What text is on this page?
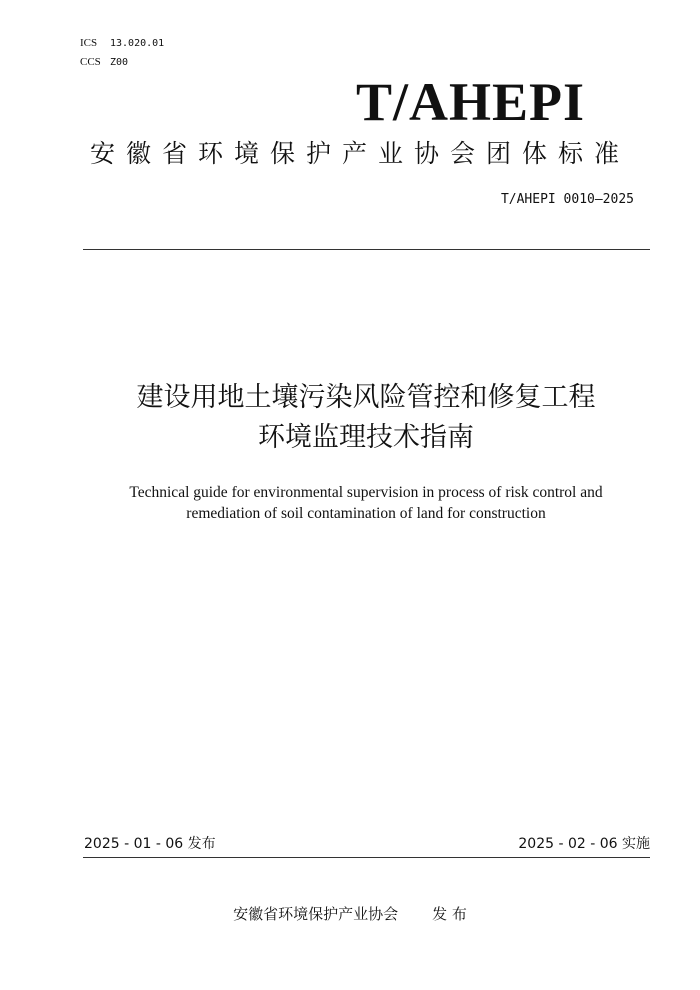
ICS 13.020.01
CCS Z00
T/AHEPI
安徽省环境保护产业协会团体标准
T/AHEPI 0010—2025
建设用地土壤污染风险管控和修复工程
环境监理技术指南
Technical guide for environmental supervision in process of risk control and
remediation of soil contamination of land for construction
2025 - 01 - 06 发布	2025 - 02 - 06 实施
安徽省环境保护产业协会 发 布
